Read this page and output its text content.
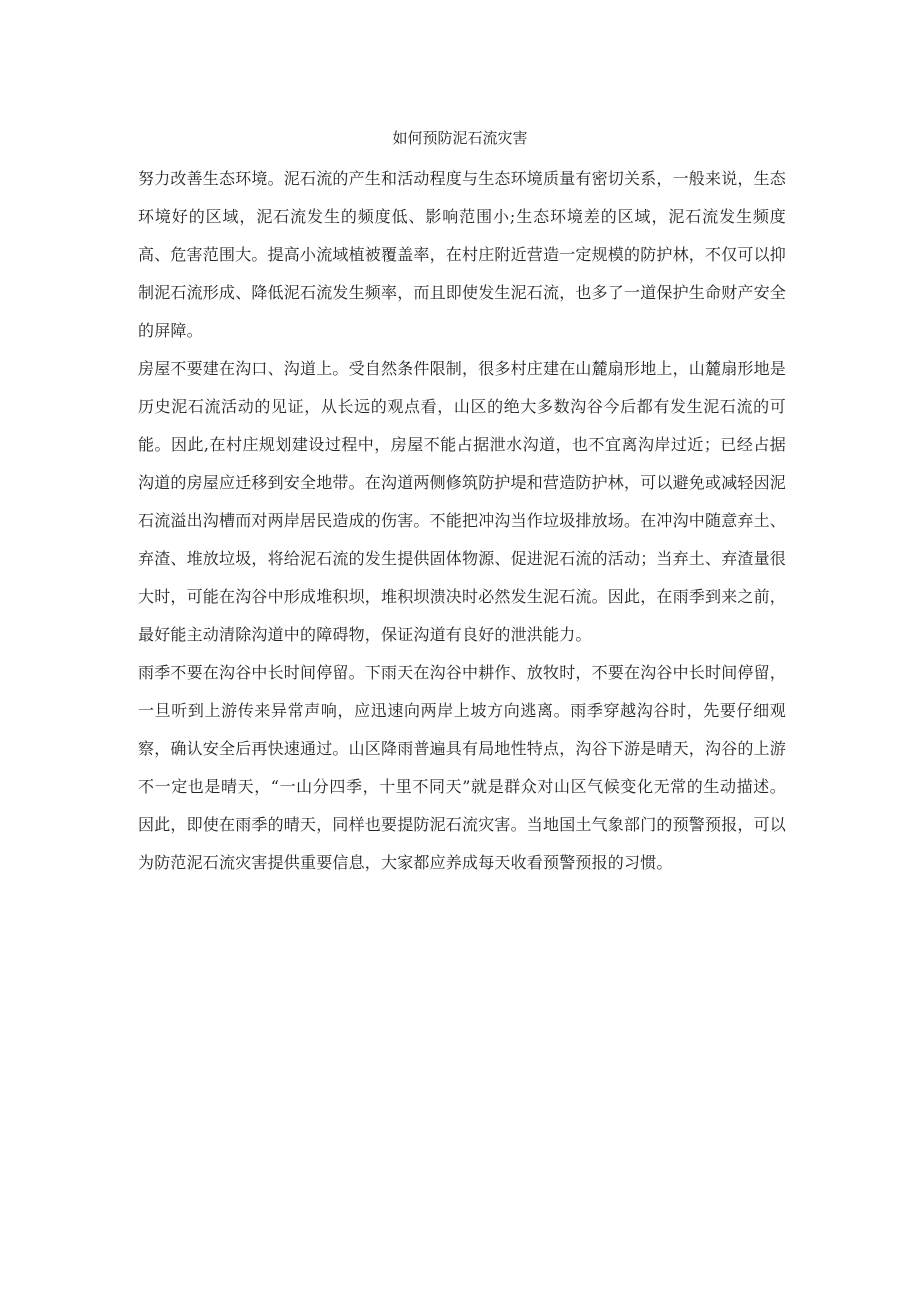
如何预防泥石流灾害

努力改善生态环境。泥石流的产生和活动程度与生态环境质量有密切关系，一般来说，生态环境好的区域，泥石流发生的频度低、影响范围小;生态环境差的区域，泥石流发生频度高、危害范围大。提高小流域植被覆盖率，在村庄附近营造一定规模的防护林，不仅可以抑制泥石流形成、降低泥石流发生频率，而且即使发生泥石流，也多了一道保护生命财产安全的屏障。

房屋不要建在沟口、沟道上。受自然条件限制，很多村庄建在山麓扇形地上，山麓扇形地是历史泥石流活动的见证，从长远的观点看，山区的绝大多数沟谷今后都有发生泥石流的可能。因此,在村庄规划建设过程中，房屋不能占据泄水沟道，也不宜离沟岸过近；已经占据沟道的房屋应迁移到安全地带。在沟道两侧修筑防护堤和营造防护林，可以避免或减轻因泥石流溢出沟槽而对两岸居民造成的伤害。不能把冲沟当作垃圾排放场。在冲沟中随意弃土、弃渣、堆放垃圾，将给泥石流的发生提供固体物源、促进泥石流的活动；当弃土、弃渣量很大时，可能在沟谷中形成堆积坝，堆积坝溃决时必然发生泥石流。因此，在雨季到来之前，最好能主动清除沟道中的障碍物，保证沟道有良好的泄洪能力。

雨季不要在沟谷中长时间停留。下雨天在沟谷中耕作、放牧时，不要在沟谷中长时间停留，一旦听到上游传来异常声响，应迅速向两岸上坡方向逃离。雨季穿越沟谷时，先要仔细观察，确认安全后再快速通过。山区降雨普遍具有局地性特点，沟谷下游是晴天，沟谷的上游不一定也是晴天，“一山分四季，十里不同天”就是群众对山区气候变化无常的生动描述。因此，即使在雨季的晴天，同样也要提防泥石流灾害。当地国土气象部门的预警预报，可以为防范泥石流灾害提供重要信息，大家都应养成每天收看预警预报的习惯。
